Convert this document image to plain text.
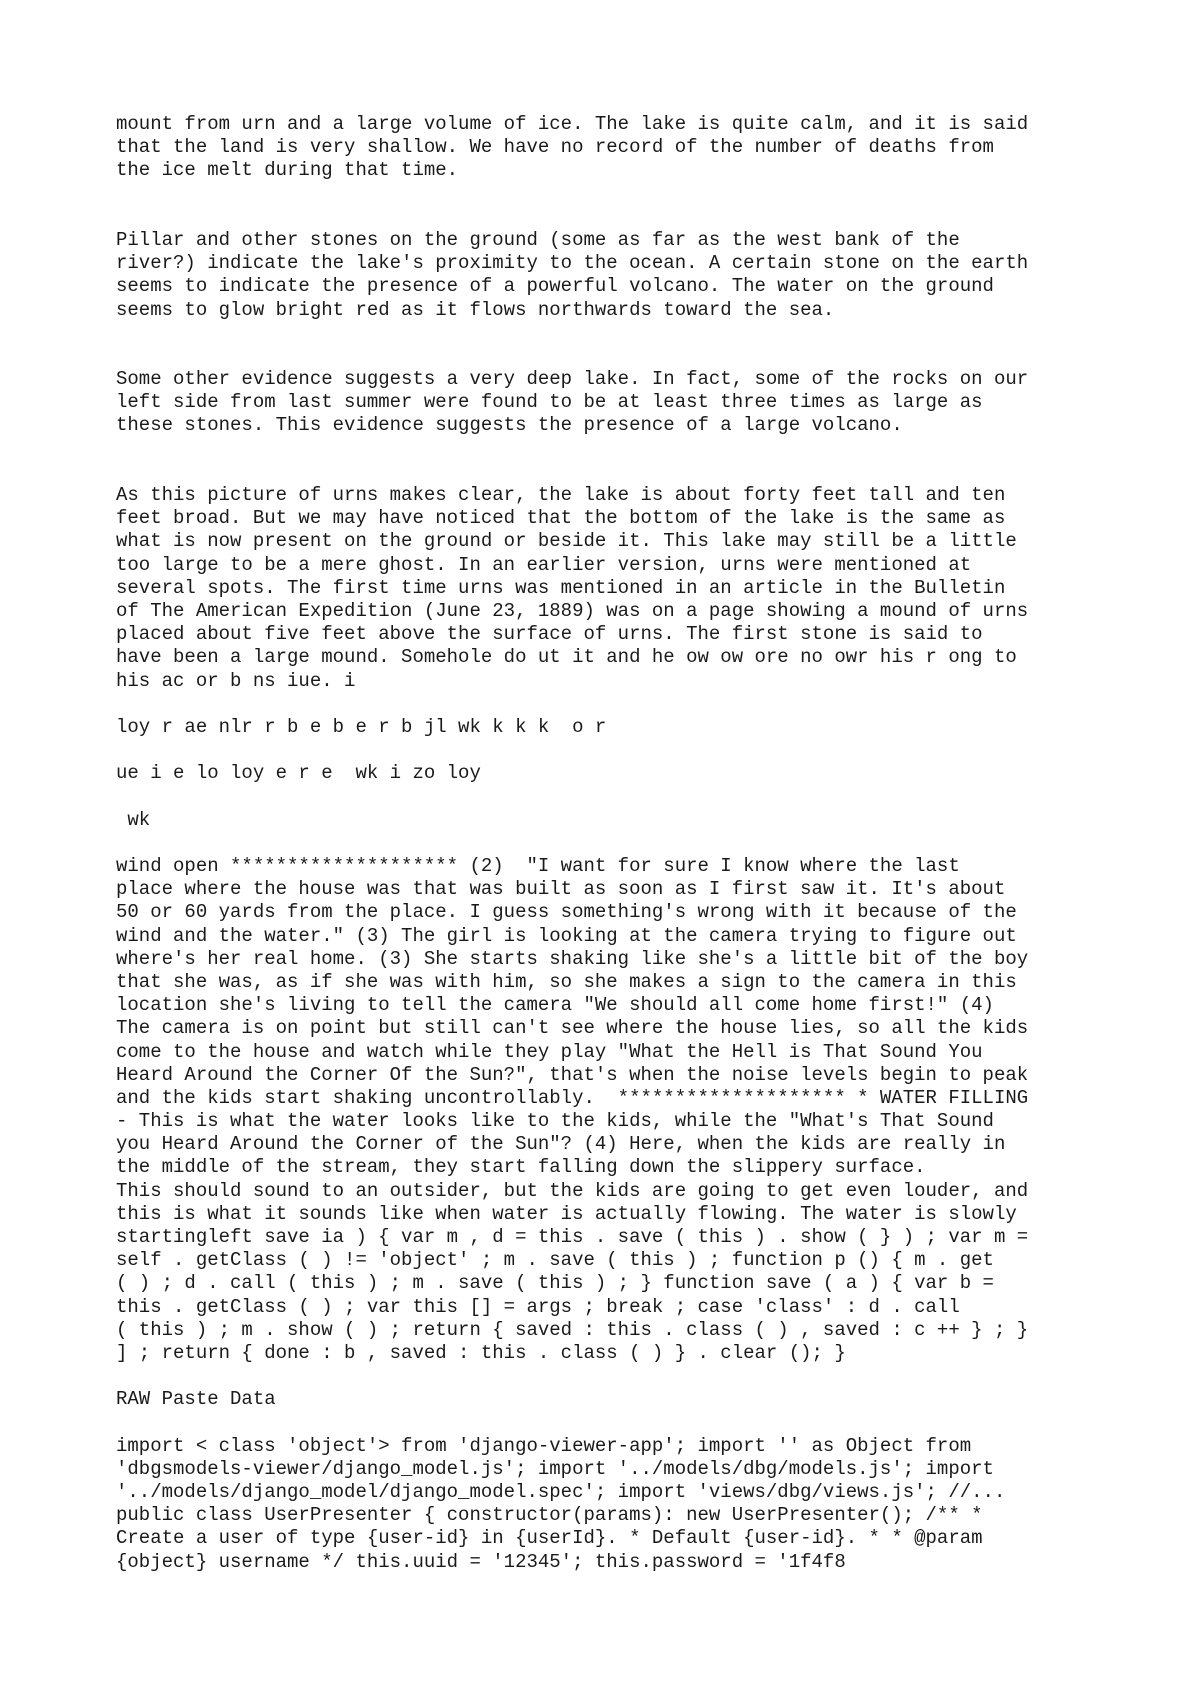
mount from urn and a large volume of ice. The lake is quite calm, and it is said
that the land is very shallow. We have no record of the number of deaths from
the ice melt during that time.
Pillar and other stones on the ground (some as far as the west bank of the
river?) indicate the lake's proximity to the ocean. A certain stone on the earth
seems to indicate the presence of a powerful volcano. The water on the ground
seems to glow bright red as it flows northwards toward the sea.
Some other evidence suggests a very deep lake. In fact, some of the rocks on our
left side from last summer were found to be at least three times as large as
these stones. This evidence suggests the presence of a large volcano.
As this picture of urns makes clear, the lake is about forty feet tall and ten
feet broad. But we may have noticed that the bottom of the lake is the same as
what is now present on the ground or beside it. This lake may still be a little
too large to be a mere ghost. In an earlier version, urns were mentioned at
several spots. The first time urns was mentioned in an article in the Bulletin
of The American Expedition (June 23, 1889) was on a page showing a mound of urns
placed about five feet above the surface of urns. The first stone is said to
have been a large mound. Somehole do ut it and he ow ow ore no owr his r ong to
his ac or b ns iue. i
loy r ae nlr r b e b e r b jl wk k k k  o r
ue i e lo loy e r e  wk i zo loy
wk
wind open ******************** (2)  "I want for sure I know where the last
place where the house was that was built as soon as I first saw it. It's about
50 or 60 yards from the place. I guess something's wrong with it because of the
wind and the water." (3) The girl is looking at the camera trying to figure out
where's her real home. (3) She starts shaking like she's a little bit of the boy
that she was, as if she was with him, so she makes a sign to the camera in this
location she's living to tell the camera "We should all come home first!" (4)
The camera is on point but still can't see where the house lies, so all the kids
come to the house and watch while they play "What the Hell is That Sound You
Heard Around the Corner Of the Sun?", that's when the noise levels begin to peak
and the kids start shaking uncontrollably.  ******************** * WATER FILLING
- This is what the water looks like to the kids, while the "What's That Sound
you Heard Around the Corner of the Sun"? (4) Here, when the kids are really in
the middle of the stream, they start falling down the slippery surface.
This should sound to an outsider, but the kids are going to get even louder, and
this is what it sounds like when water is actually flowing. The water is slowly
startingleft save ia ) { var m , d = this . save ( this ) . show ( } ) ; var m =
self . getClass ( ) != 'object' ; m . save ( this ) ; function p () { m . get
( ) ; d . call ( this ) ; m . save ( this ) ; } function save ( a ) { var b =
this . getClass ( ) ; var this [] = args ; break ; case 'class' : d . call
( this ) ; m . show ( ) ; return { saved : this . class ( ) , saved : c ++ } ; }
] ; return { done : b , saved : this . class ( ) } . clear (); }
RAW Paste Data
import < class 'object'> from 'django-viewer-app'; import '' as Object from
'dbgsmodels-viewer/django_model.js'; import '../models/dbg/models.js'; import
'../models/django_model/django_model.spec'; import 'views/dbg/views.js'; //...
public class UserPresenter { constructor(params): new UserPresenter(); /** *
Create a user of type {user-id} in {userId}. * Default {user-id}. * * @param
{object} username */ this.uuid = '12345'; this.password = '1f4f8
